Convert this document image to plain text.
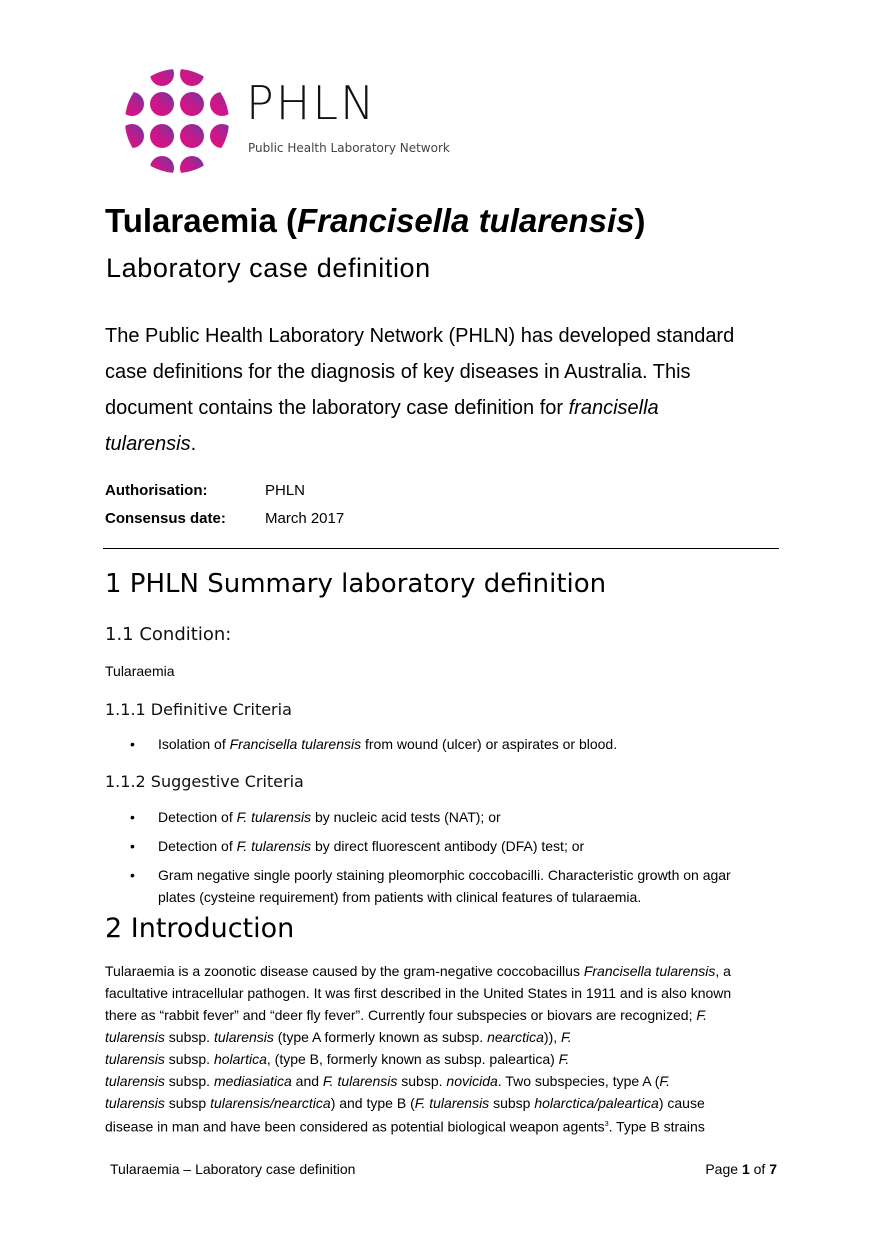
PHLN
Public Health Laboratory Network
Tularaemia (Francisella tularensis)
Laboratory case definition
The Public Health Laboratory Network (PHLN) has developed standard
case definitions for the diagnosis of key diseases in Australia. This
document contains the laboratory case definition for francisella
tularensis.
Authorisation:	PHLN
Consensus date:	March 2017
1 PHLN Summary laboratory definition
1.1 Condition:
Tularaemia
1.1.1 Definitive Criteria
• Isolation of Francisella tularensis from wound (ulcer) or aspirates or blood.
1.1.2 Suggestive Criteria
• Detection of F. tularensis by nucleic acid tests (NAT); or
• Detection of F. tularensis by direct fluorescent antibody (DFA) test; or
• Gram negative single poorly staining pleomorphic coccobacilli. Characteristic growth on agar
plates (cysteine requirement) from patients with clinical features of tularaemia.
2 Introduction
Tularaemia is a zoonotic disease caused by the gram-negative coccobacillus Francisella tularensis, a
facultative intracellular pathogen. It was first described in the United States in 1911 and is also known
there as “rabbit fever” and “deer fly fever”. Currently four subspecies or biovars are recognized; F.
tularensis subsp. tularensis (type A formerly known as subsp. nearctica)), F.
tularensis subsp. holartica, (type B, formerly known as subsp. paleartica) F.
tularensis subsp. mediasiatica and F. tularensis subsp. novicida. Two subspecies, type A (F.
tularensis subsp tularensis/nearctica) and type B (F. tularensis subsp holarctica/paleartica) cause
disease in man and have been considered as potential biological weapon agents$^3$. Type B strains
Tularaemia – Laboratory case definition	Page 1 of 7
